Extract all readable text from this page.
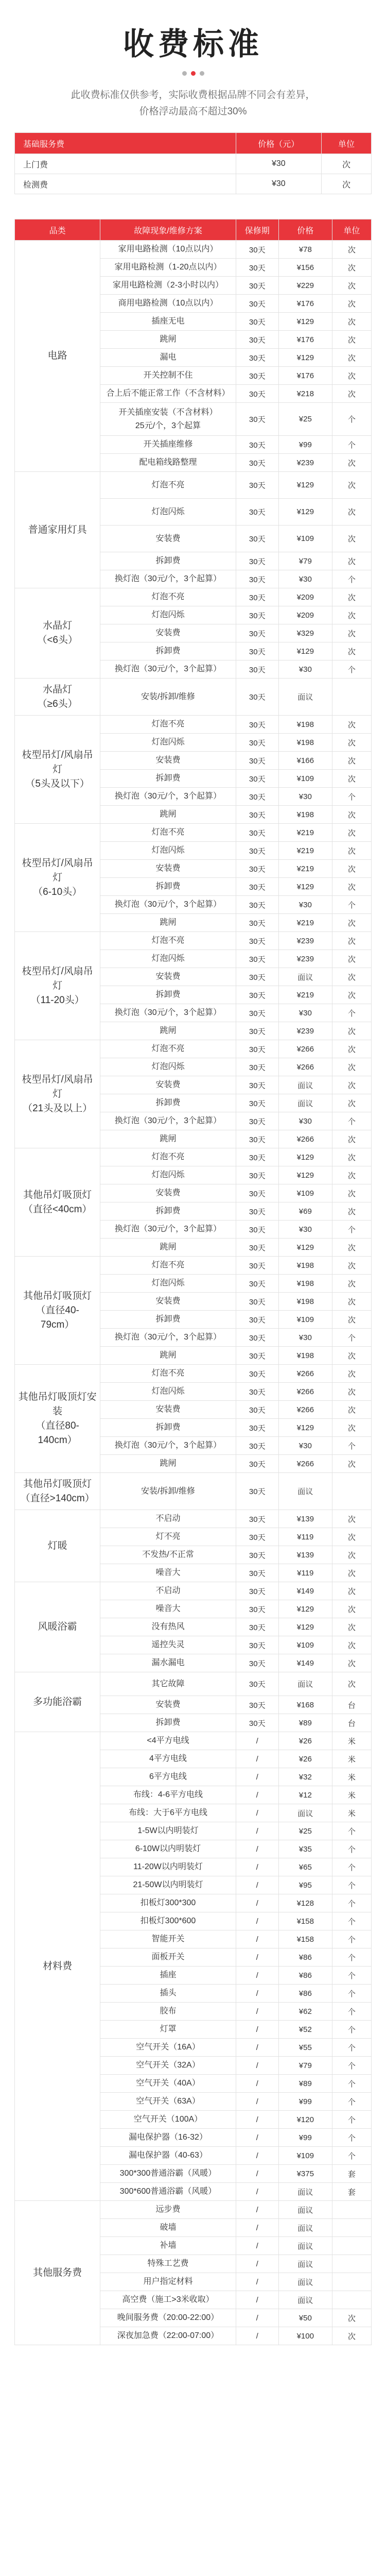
收费标准
此收费标准仅供参考，实际收费根据品牌不同会有差异，
价格浮动最高不超过30%
基础服务费	价格（元）	单位
上门费	¥30	次
检测费	¥30	次
品类	故障现象/维修方案	保修期	价格	单位
电路	家用电路检测（10点以内）	30天	¥78	次
	家用电路检测（1-20点以内）	30天	¥156	次
	家用电路检测（2-3小时以内）	30天	¥229	次
	商用电路检测（10点以内）	30天	¥176	次
	插座无电	30天	¥129	次
	跳闸	30天	¥176	次
	漏电	30天	¥129	次
	开关控制不住	30天	¥176	次
	合上后不能正常工作（不含材料）	30天	¥218	次
	开关插座安装（不含材料）
25元/个，3个起算	30天	¥25	个
	开关插座维修	30天	¥99	个
	配电箱线路整理	30天	¥239	次
普通家用灯具	灯泡不亮	30天	¥129	次
	灯泡闪烁	30天	¥129	次
	安装费	30天	¥109	次
	拆卸费	30天	¥79	次
	换灯泡（30元/个，3个起算）	30天	¥30	个
水晶灯
（<6头）	灯泡不亮	30天	¥209	次
	灯泡闪烁	30天	¥209	次
	安装费	30天	¥329	次
	拆卸费	30天	¥129	次
	换灯泡（30元/个，3个起算）	30天	¥30	个
水晶灯
（≥6头）	安装/拆卸/维修	30天	面议	
枝型吊灯/风扇吊灯
（5头及以下）	灯泡不亮	30天	¥198	次
	灯泡闪烁	30天	¥198	次
	安装费	30天	¥166	次
	拆卸费	30天	¥109	次
	换灯泡（30元/个，3个起算）	30天	¥30	个
	跳闸	30天	¥198	次
枝型吊灯/风扇吊灯
（6-10头）	灯泡不亮	30天	¥219	次
	灯泡闪烁	30天	¥219	次
	安装费	30天	¥219	次
	拆卸费	30天	¥129	次
	换灯泡（30元/个，3个起算）	30天	¥30	个
	跳闸	30天	¥219	次
枝型吊灯/风扇吊灯
（11-20头）	灯泡不亮	30天	¥239	次
	灯泡闪烁	30天	¥239	次
	安装费	30天	面议	次
	拆卸费	30天	¥219	次
	换灯泡（30元/个，3个起算）	30天	¥30	个
	跳闸	30天	¥239	次
枝型吊灯/风扇吊灯
（21头及以上）	灯泡不亮	30天	¥266	次
	灯泡闪烁	30天	¥266	次
	安装费	30天	面议	次
	拆卸费	30天	面议	次
	换灯泡（30元/个，3个起算）	30天	¥30	个
	跳闸	30天	¥266	次
其他吊灯吸顶灯
（直径<40cm）	灯泡不亮	30天	¥129	次
	灯泡闪烁	30天	¥129	次
	安装费	30天	¥109	次
	拆卸费	30天	¥69	次
	换灯泡（30元/个，3个起算）	30天	¥30	个
	跳闸	30天	¥129	次
其他吊灯吸顶灯
（直径40-
79cm）	灯泡不亮	30天	¥198	次
	灯泡闪烁	30天	¥198	次
	安装费	30天	¥198	次
	拆卸费	30天	¥109	次
	换灯泡（30元/个，3个起算）	30天	¥30	个
	跳闸	30天	¥198	次
其他吊灯吸顶灯安
装
（直径80-
140cm）	灯泡不亮	30天	¥266	次
	灯泡闪烁	30天	¥266	次
	安装费	30天	¥266	次
	拆卸费	30天	¥129	次
	换灯泡（30元/个，3个起算）	30天	¥30	个
	跳闸	30天	¥266	次
其他吊灯吸顶灯
（直径>140cm）	安装/拆卸/维修	30天	面议	
灯暖	不启动	30天	¥139	次
	灯不亮	30天	¥119	次
	不发热/不正常	30天	¥139	次
	噪音大	30天	¥119	次
风暖浴霸	不启动	30天	¥149	次
	噪音大	30天	¥129	次
	没有热风	30天	¥129	次
	遥控失灵	30天	¥109	次
	漏水漏电	30天	¥149	次
多功能浴霸	其它故障	30天	面议	次
	安装费	30天	¥168	台
	拆卸费	30天	¥89	台
材料费	<4平方电线	/	¥26	米
	4平方电线	/	¥26	米
	6平方电线	/	¥32	米
	布线：4-6平方电线	/	¥12	米
	布线：大于6平方电线	/	面议	米
	1-5W以内明装灯	/	¥25	个
	6-10W以内明装灯	/	¥35	个
	11-20W以内明装灯	/	¥65	个
	21-50W以内明装灯	/	¥95	个
	扣板灯300*300	/	¥128	个
	扣板灯300*600	/	¥158	个
	智能开关	/	¥158	个
	面板开关	/	¥86	个
	插座	/	¥86	个
	插头	/	¥86	个
	胶布	/	¥62	个
	灯罩	/	¥52	个
	空气开关（16A）	/	¥55	个
	空气开关（32A）	/	¥79	个
	空气开关（40A）	/	¥89	个
	空气开关（63A）	/	¥99	个
	空气开关（100A）	/	¥120	个
	漏电保护器（16-32）	/	¥99	个
	漏电保护器（40-63）	/	¥109	个
	300*300普通浴霸（风暖）	/	¥375	套
	300*600普通浴霸（风暖）	/	面议	套
其他服务费	远步费	/	面议	
	破墙	/	面议	
	补墙	/	面议	
	特殊工艺费	/	面议	
	用户指定材料	/	面议	
	高空费（施工>3米收取）	/	面议	
	晚间服务费（20:00-22:00）	/	¥50	次
	深夜加急费（22:00-07:00）	/	¥100	次
